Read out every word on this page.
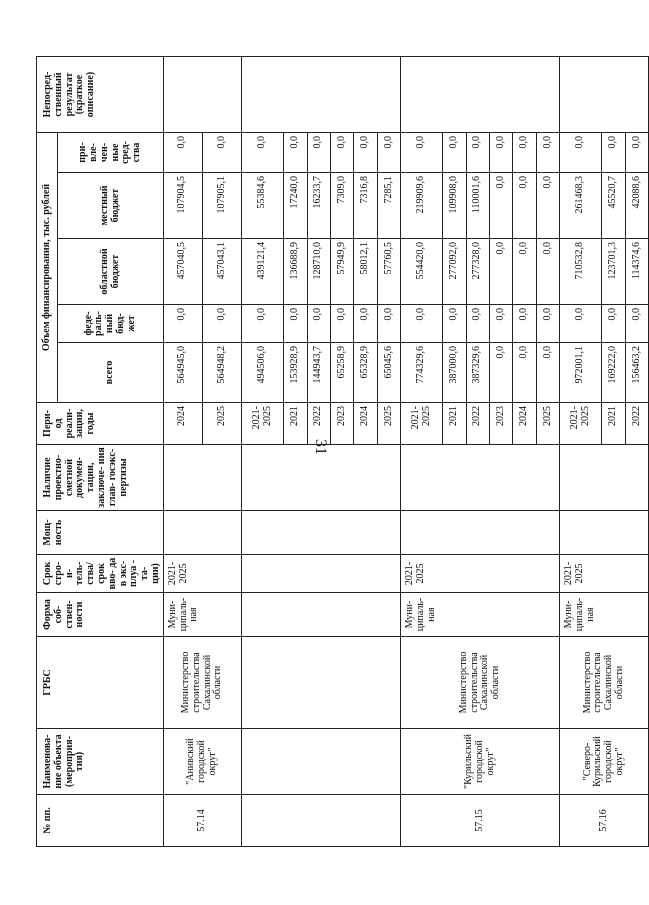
31
№ пп.	Наименова- ние объекта (мероприя- тия)	ГРБС	Форма соб- ствен- ности	Срок стро- и- тель- ства/ срок вво- да в экс- плуа - та- ции)	Мощ- ность	Наличие проектно- сметной докумен- тации, заключе- ния глав- госэкс- пертизы	Пери- од реали- зации, годы	Объем финансирования, тыс. рублей					Непосред- ственный результат (краткое описание)
								всего	феде- раль- ный бюд- жет	областной бюджет	местный бюджет	при- вле- чен- ные сред- ства	
57.14	"Анивский городской округ"	Министерство строительства Сахалинской области	Муни- ципаль- ная	2021- 2025			2024	564945,0	0,0	457040,5	107904,5	0,0	
							2025	564948,2	0,0	457043,1	107905,1	0,0	
							2021- 2025	494506,0	0,0	439121,4	55384,6	0,0	
							2021	153928,9	0,0	136688,9	17240,0	0,0	
							2022	144943,7	0,0	128710,0	16233,7	0,0	
							2023	65258,9	0,0	57949,9	7309,0	0,0	
							2024	65328,9	0,0	58012,1	7316,8	0,0	
							2025	65045,6	0,0	57760,5	7285,1	0,0	
57.15	"Курильский городской округ"	Министерство строительства Сахалинской области	Муни- ципаль- ная	2021- 2025			2021- 2025	774329,6	0,0	554420,0	219909,6	0,0	
							2021	387000,0	0,0	277092,0	109908,0	0,0	
							2022	387329,6	0,0	277328,0	110001,6	0,0	
							2023	0,0	0,0	0,0	0,0	0,0	
							2024	0,0	0,0	0,0	0,0	0,0	
							2025	0,0	0,0	0,0	0,0	0,0	
57.16	"Северо- Курильский городской округ"	Министерство строительства Сахалинской области	Муни- ципаль- ная	2021- 2025			2021- 2025	972001,1	0,0	710532,8	261468,3	0,0	
							2021	169222,0	0,0	123701,3	45520,7	0,0	
							2022	156463,2	0,0	114374,6	42088,6	0,0	
